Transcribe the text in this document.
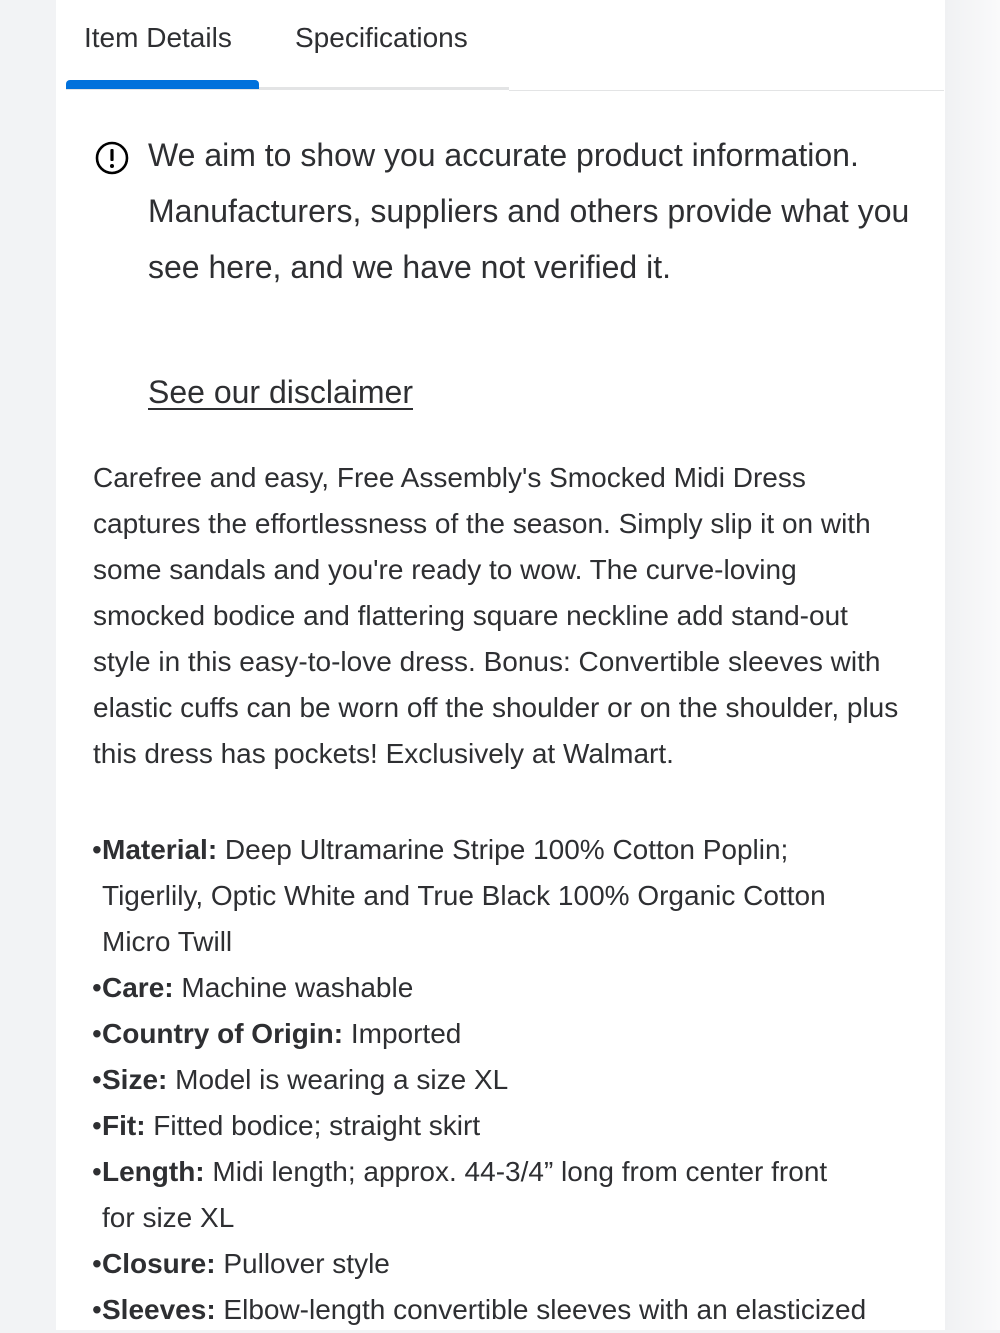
Item Details Specifications

We aim to show you accurate product information.

Manufacturers, suppliers and others provide what you see here, and we have not verified it.

See our disclaimer

Carefree and easy, Free Assembly's Smocked Midi Dress captures the effortlessness of the season. Simply slip it on with some sandals and you're ready to wow. The curve-loving smocked bodice and flattering square neckline add stand-out style in this easy-to-love dress. Bonus: Convertible sleeves with elastic cuffs can be worn off the shoulder or on the shoulder, plus this dress has pockets! Exclusively at Walmart.

• Material: Deep Ultramarine Stripe 100% Cotton Poplin;
Tigerlily, Optic White and True Black 100% Organic Cotton
Micro Twill
• Care: Machine washable
• Country of Origin: Imported
• Size: Model is wearing a size XL
• Fit: Fitted bodice; straight skirt
• Length: Midi length; approx. 44-3/4” long from center front
for size XL
• Closure: Pullover style
• Sleeves: Elbow-length convertible sleeves with an elasticized
